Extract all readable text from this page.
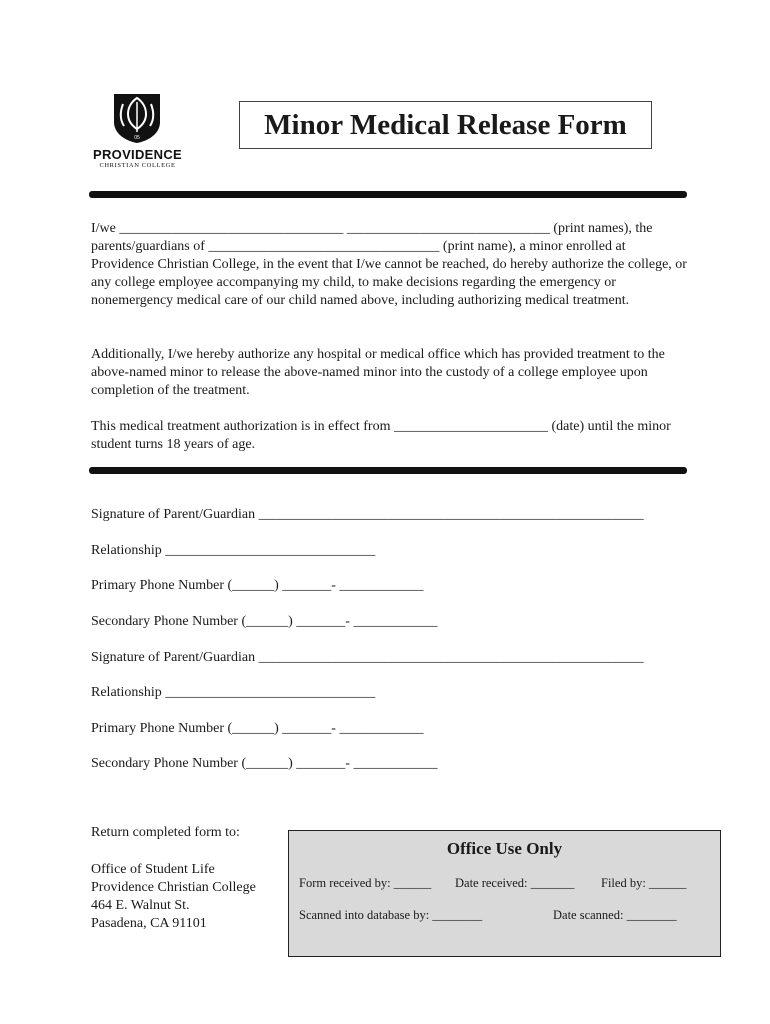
05
PROVIDENCE
CHRISTIAN COLLEGE
Minor Medical Release Form
I/we ________________________________ _____________________________ (print names), the parents/guardians of _________________________________ (print name), a minor enrolled at Providence Christian College, in the event that I/we cannot be reached, do hereby authorize the college, or any college employee accompanying my child, to make decisions regarding the emergency or nonemergency medical care of our child named above, including authorizing medical treatment.
Additionally, I/we hereby authorize any hospital or medical office which has provided treatment to the above-named minor to release the above-named minor into the custody of a college employee upon completion of the treatment.
This medical treatment authorization is in effect from ______________________ (date) until the minor student turns 18 years of age.
Signature of Parent/Guardian _______________________________________________________
Relationship ______________________________
Primary Phone Number (______) _______- ____________
Secondary Phone Number (______) _______- ____________
Signature of Parent/Guardian _______________________________________________________
Relationship ______________________________
Primary Phone Number (______) _______- ____________
Secondary Phone Number (______) _______- ____________
Return completed form to:
Office of Student Life
Providence Christian College
464 E. Walnut St.
Pasadena, CA 91101
Office Use Only
Form received by: ______ Date received: _______ Filed by: ______
Scanned into database by: ________	Date scanned: ________
